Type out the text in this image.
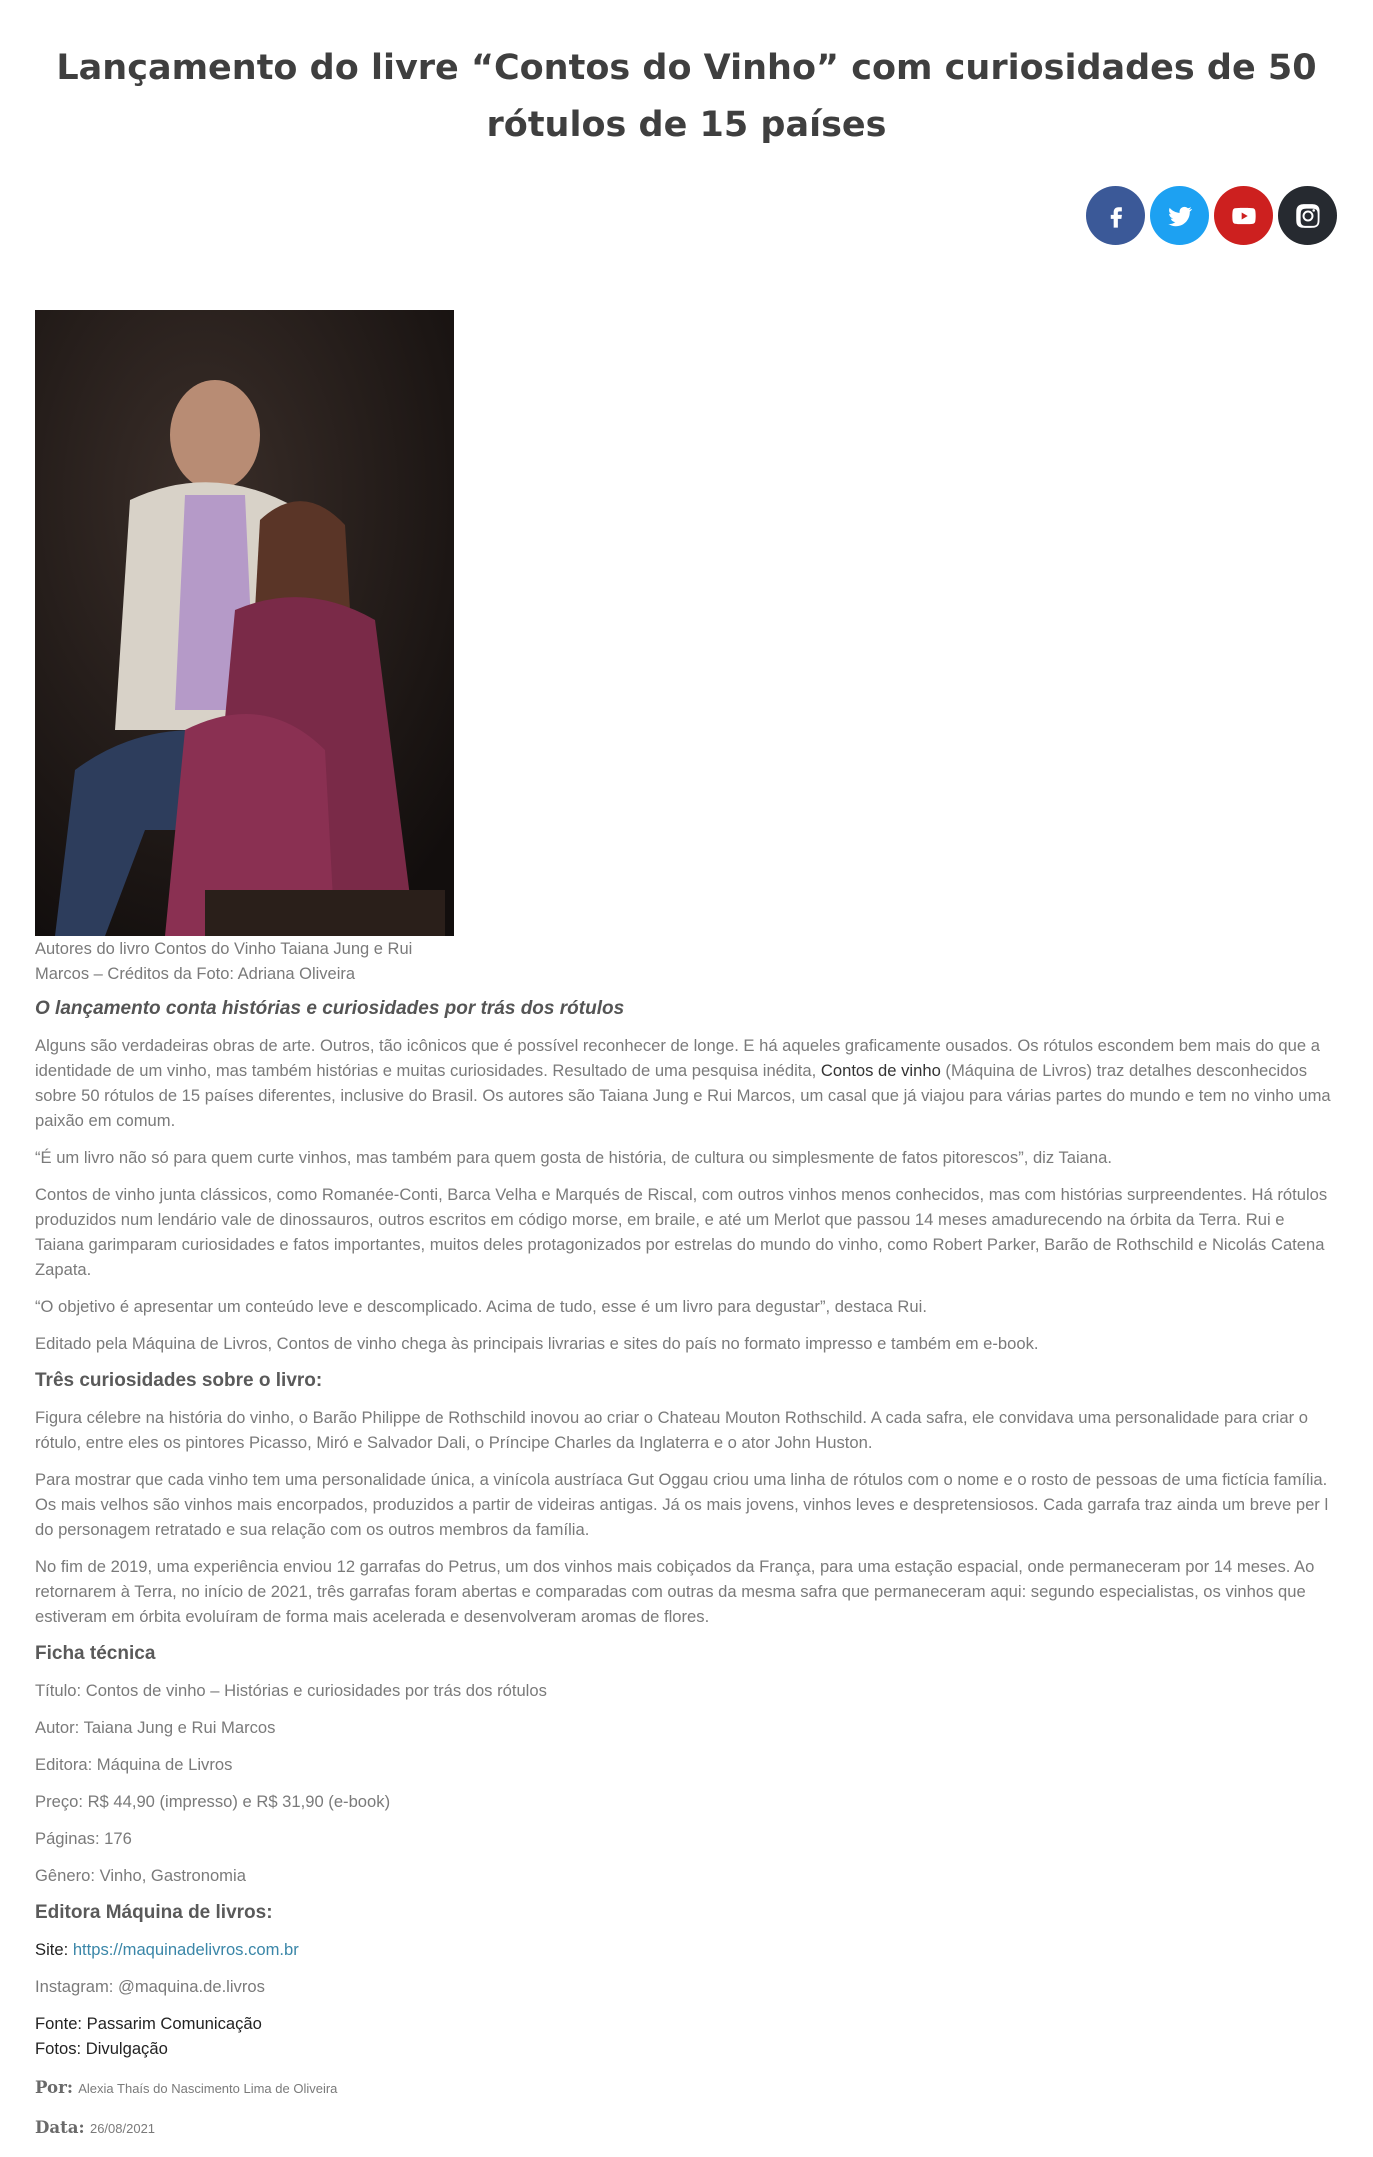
Lançamento do livre “Contos do Vinho” com curiosidades de 50 rótulos de 15 países

Autores do livro Contos do Vinho Taiana Jung e Rui Marcos – Créditos da Foto: Adriana Oliveira

O lançamento conta histórias e curiosidades por trás dos rótulos

Alguns são verdadeiras obras de arte. Outros, tão icônicos que é possível reconhecer de longe. E há aqueles graficamente ousados. Os rótulos escondem bem mais do que a identidade de um vinho, mas também histórias e muitas curiosidades. Resultado de uma pesquisa inédita, Contos de vinho (Máquina de Livros) traz detalhes desconhecidos sobre 50 rótulos de 15 países diferentes, inclusive do Brasil. Os autores são Taiana Jung e Rui Marcos, um casal que já viajou para várias partes do mundo e tem no vinho uma paixão em comum.

“É um livro não só para quem curte vinhos, mas também para quem gosta de história, de cultura ou simplesmente de fatos pitorescos”, diz Taiana.

Contos de vinho junta clássicos, como Romanée-Conti, Barca Velha e Marqués de Riscal, com outros vinhos menos conhecidos, mas com histórias surpreendentes. Há rótulos produzidos num lendário vale de dinossauros, outros escritos em código morse, em braile, e até um Merlot que passou 14 meses amadurecendo na órbita da Terra. Rui e Taiana garimparam curiosidades e fatos importantes, muitos deles protagonizados por estrelas do mundo do vinho, como Robert Parker, Barão de Rothschild e Nicolás Catena Zapata.

“O objetivo é apresentar um conteúdo leve e descomplicado. Acima de tudo, esse é um livro para degustar”, destaca Rui.

Editado pela Máquina de Livros, Contos de vinho chega às principais livrarias e sites do país no formato impresso e também em e-book.

Três curiosidades sobre o livro:

Figura célebre na história do vinho, o Barão Philippe de Rothschild inovou ao criar o Chateau Mouton Rothschild. A cada safra, ele convidava uma personalidade para criar o rótulo, entre eles os pintores Picasso, Miró e Salvador Dali, o Príncipe Charles da Inglaterra e o ator John Huston.

Para mostrar que cada vinho tem uma personalidade única, a vinícola austríaca Gut Oggau criou uma linha de rótulos com o nome e o rosto de pessoas de uma fictícia família. Os mais velhos são vinhos mais encorpados, produzidos a partir de videiras antigas. Já os mais jovens, vinhos leves e despretensiosos. Cada garrafa traz ainda um breve per l do personagem retratado e sua relação com os outros membros da família.

No fim de 2019, uma experiência enviou 12 garrafas do Petrus, um dos vinhos mais cobiçados da França, para uma estação espacial, onde permaneceram por 14 meses. Ao retornarem à Terra, no início de 2021, três garrafas foram abertas e comparadas com outras da mesma safra que permaneceram aqui: segundo especialistas, os vinhos que estiveram em órbita evoluíram de forma mais acelerada e desenvolveram aromas de flores.

Ficha técnica

Título: Contos de vinho – Histórias e curiosidades por trás dos rótulos

Autor: Taiana Jung e Rui Marcos

Editora: Máquina de Livros

Preço: R$ 44,90 (impresso) e R$ 31,90 (e-book)

Páginas: 176

Gênero: Vinho, Gastronomia

Editora Máquina de livros:

Site: https://maquinadelivros.com.br

Instagram: @maquina.de.livros

Fonte: Passarim Comunicação

Fotos: Divulgação

Por: Alexia Thaís do Nascimento Lima de Oliveira

Data: 26/08/2021
